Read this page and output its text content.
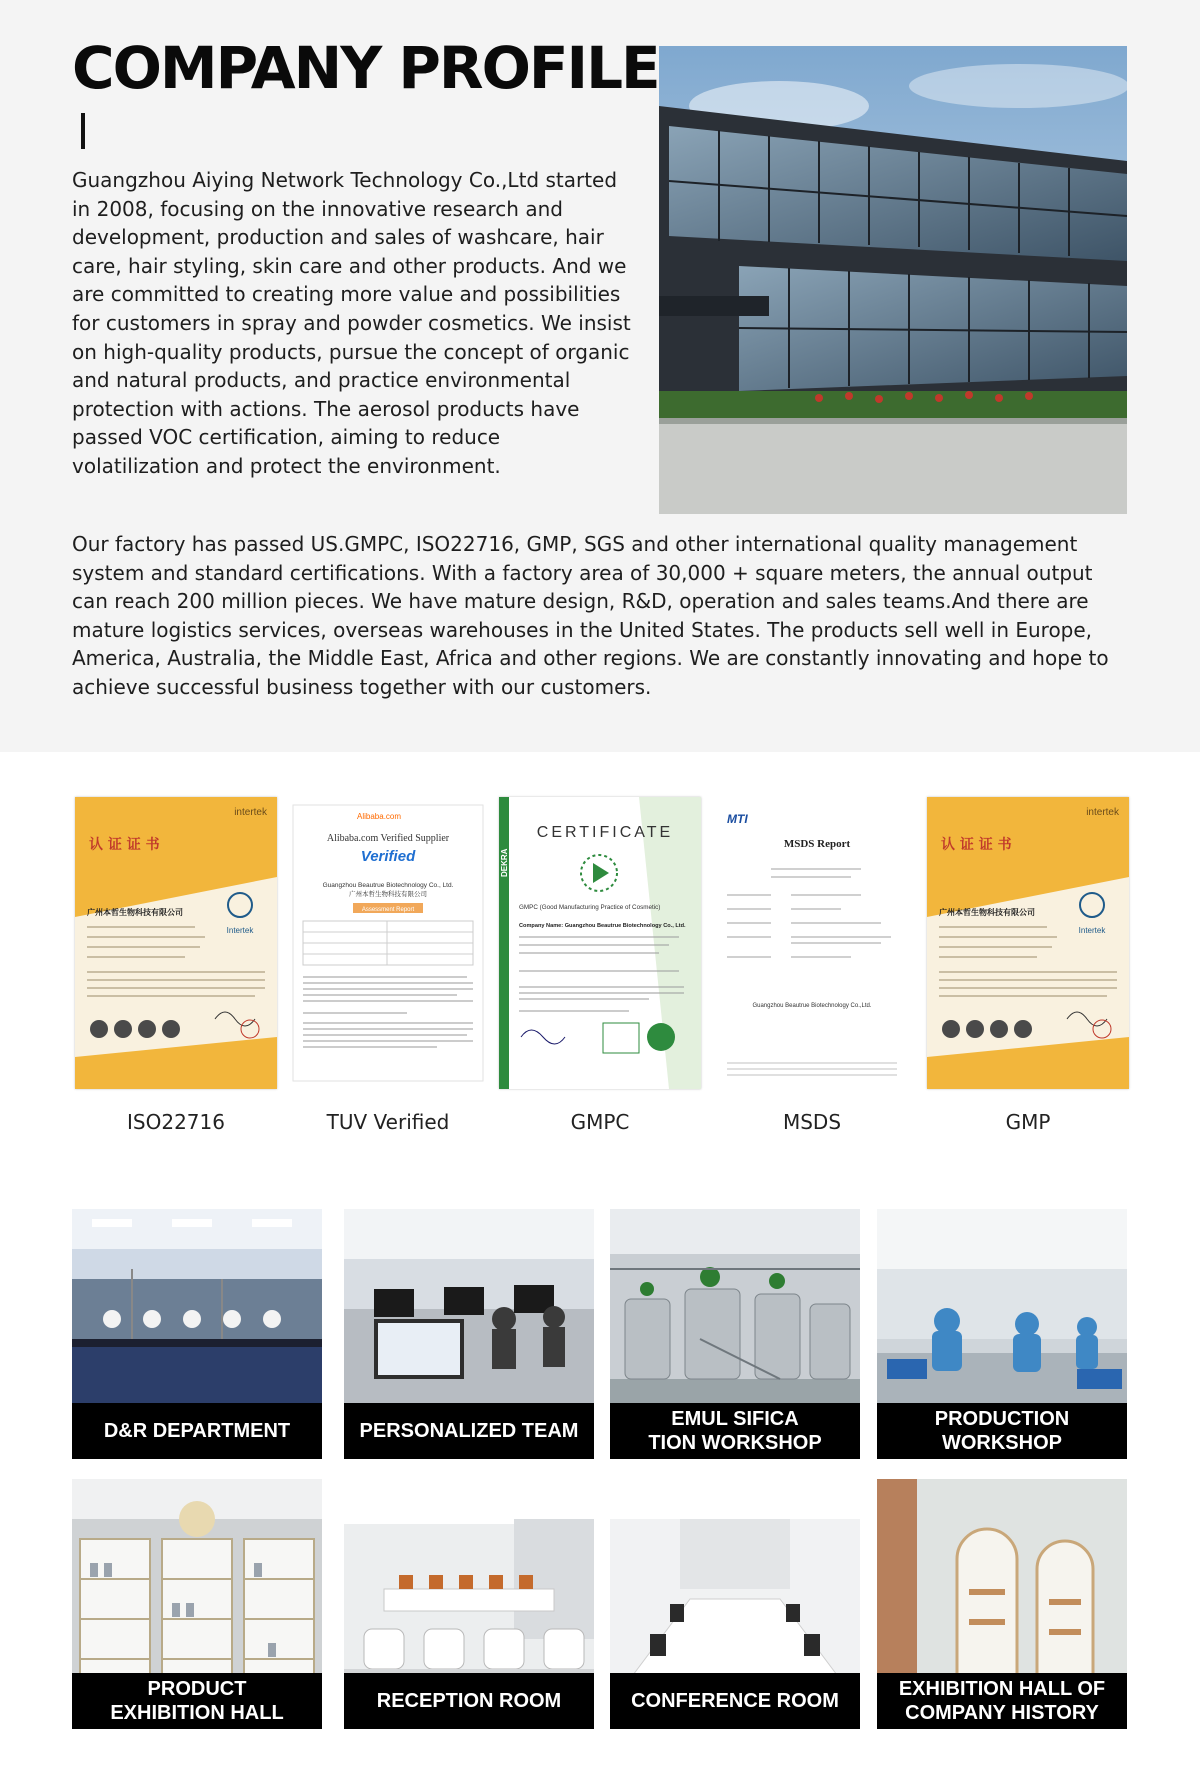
COMPANY PROFILE

Guangzhou Aiying Network Technology Co.,Ltd started in 2008, focusing on the innovative research and development, production and sales of washcare, hair care, hair styling, skin care and other products. And we are committed to creating more value and possibilities for customers in spray and powder cosmetics. We insist on high-quality products, pursue the concept of organic and natural products, and practice environmental protection with actions. The aerosol products have passed VOC certification, aiming to reduce volatilization and protect the environment.

Our factory has passed US.GMPC, ISO22716, GMP, SGS and other international quality management system and standard certifications. With a factory area of 30,000 + square meters, the annual output can reach 200 million pieces. We have mature design, R&D, operation and sales teams.And there are mature logistics services, overseas warehouses in the United States. The products sell well in Europe, America, Australia, the Middle East, Africa and other regions. We are constantly innovating and hope to achieve successful business together with our customers.

intertek
认 证 证 书
广州本哲生物科技有限公司
Intertek
ISO22716
Alibaba.com
Alibaba.com Verified Supplier
Verified
Guangzhou Beautrue Biotechnology Co., Ltd.
广州本哲生物科技有限公司
Assessment Report
TUV Verified
DEKRA
CERTIFICATE
GMPC (Good Manufacturing Practice of Cosmetic)
Company Name: Guangzhou Beautrue Biotechnology Co., Ltd.
GMPC
MTI
MSDS Report
Guangzhou Beautrue Biotechnology Co.,Ltd.
MSDS
intertek
认 证 证 书
广州本哲生物科技有限公司
Intertek
GMP
D&R DEPARTMENT	PERSONALIZED TEAM
EMUL SIFICA
TION WORKSHOP
PRODUCTION
WORKSHOP
PRODUCT
EXHIBITION HALL
RECEPTION ROOM	CONFERENCE ROOM
EXHIBITION HALL OF
COMPANY HISTORY
